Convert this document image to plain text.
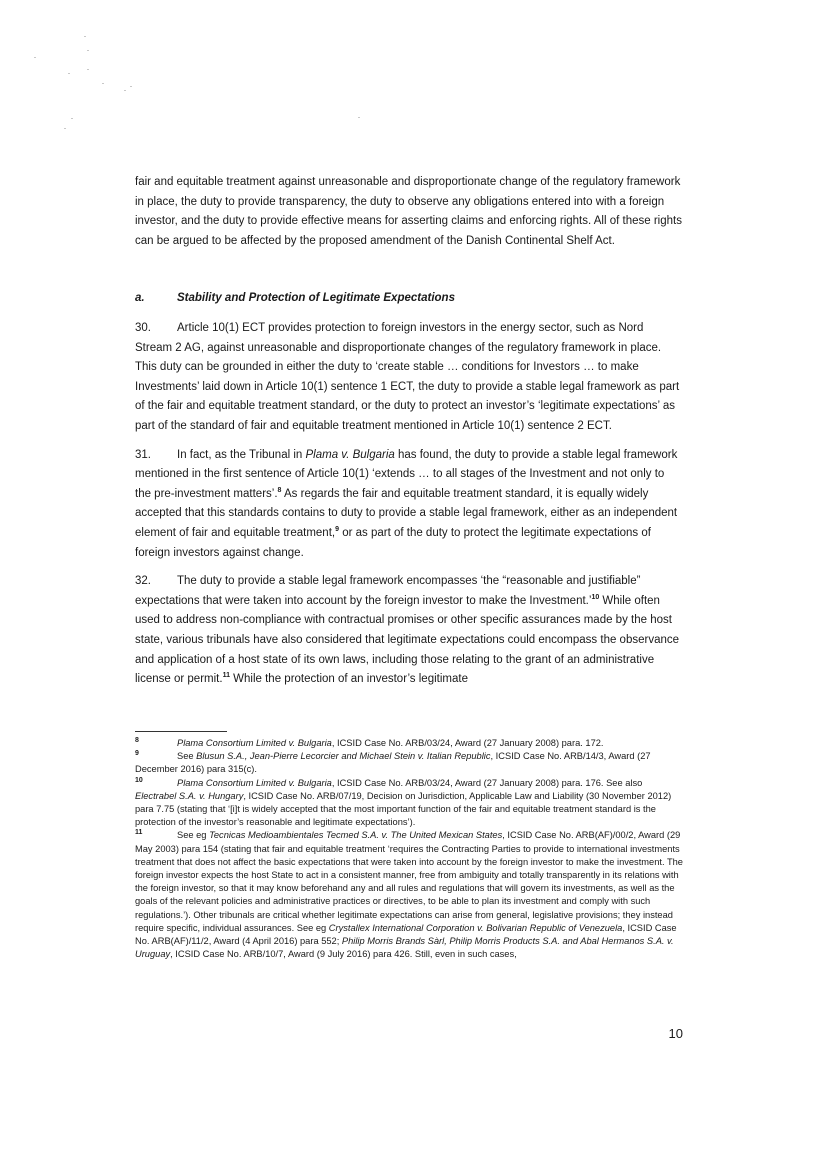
fair and equitable treatment against unreasonable and disproportionate change of the regulatory framework in place, the duty to provide transparency, the duty to observe any obligations entered into with a foreign investor, and the duty to provide effective means for asserting claims and enforcing rights. All of these rights can be argued to be affected by the proposed amendment of the Danish Continental Shelf Act.

a.	Stability and Protection of Legitimate Expectations

30. Article 10(1) ECT provides protection to foreign investors in the energy sector, such as Nord Stream 2 AG, against unreasonable and disproportionate changes of the regulatory framework in place. This duty can be grounded in either the duty to ‘create stable … conditions for Investors … to make Investments’ laid down in Article 10(1) sentence 1 ECT, the duty to provide a stable legal framework as part of the fair and equitable treatment standard, or the duty to protect an investor’s ‘legitimate expectations’ as part of the standard of fair and equitable treatment mentioned in Article 10(1) sentence 2 ECT.

31. In fact, as the Tribunal in Plama v. Bulgaria has found, the duty to provide a stable legal framework mentioned in the first sentence of Article 10(1) ‘extends … to all stages of the Investment and not only to the pre-investment matters’.$^8$ As regards the fair and equitable treatment standard, it is equally widely accepted that this standards contains to duty to provide a stable legal framework, either as an independent element of fair and equitable treatment,$^9$ or as part of the duty to protect the legitimate expectations of foreign investors against change.

32. The duty to provide a stable legal framework encompasses ‘the “reasonable and justifiable” expectations that were taken into account by the foreign investor to make the Investment.’$^{10}$ While often used to address non-compliance with contractual promises or other specific assurances made by the host state, various tribunals have also considered that legitimate expectations could encompass the observance and application of a host state of its own laws, including those relating to the grant of an administrative license or permit.$^{11}$ While the protection of an investor’s legitimate

8	Plama Consortium Limited v. Bulgaria, ICSID Case No. ARB/03/24, Award (27 January 2008) para. 172.

9	See Blusun S.A., Jean-Pierre Lecorcier and Michael Stein v. Italian Republic, ICSID Case No. ARB/14/3, Award (27 December 2016) para 315(c).

10	Plama Consortium Limited v. Bulgaria, ICSID Case No. ARB/03/24, Award (27 January 2008) para. 176. See also Electrabel S.A. v. Hungary, ICSID Case No. ARB/07/19, Decision on Jurisdiction, Applicable Law and Liability (30 November 2012) para 7.75 (stating that ‘[i]t is widely accepted that the most important function of the fair and equitable treatment standard is the protection of the investor’s reasonable and legitimate expectations’).

11	See eg Tecnicas Medioambientales Tecmed S.A. v. The United Mexican States, ICSID Case No. ARB(AF)/00/2, Award (29 May 2003) para 154 (stating that fair and equitable treatment ‘requires the Contracting Parties to provide to international investments treatment that does not affect the basic expectations that were taken into account by the foreign investor to make the investment. The foreign investor expects the host State to act in a consistent manner, free from ambiguity and totally transparently in its relations with the foreign investor, so that it may know beforehand any and all rules and regulations that will govern its investments, as well as the goals of the relevant policies and administrative practices or directives, to be able to plan its investment and comply with such regulations.’). Other tribunals are critical whether legitimate expectations can arise from general, legislative provisions; they instead require specific, individual assurances. See eg Crystallex International Corporation v. Bolivarian Republic of Venezuela, ICSID Case No. ARB(AF)/11/2, Award (4 April 2016) para 552; Philip Morris Brands Sàrl, Philip Morris Products S.A. and Abal Hermanos S.A. v. Uruguay, ICSID Case No. ARB/10/7, Award (9 July 2016) para 426. Still, even in such cases,

10
